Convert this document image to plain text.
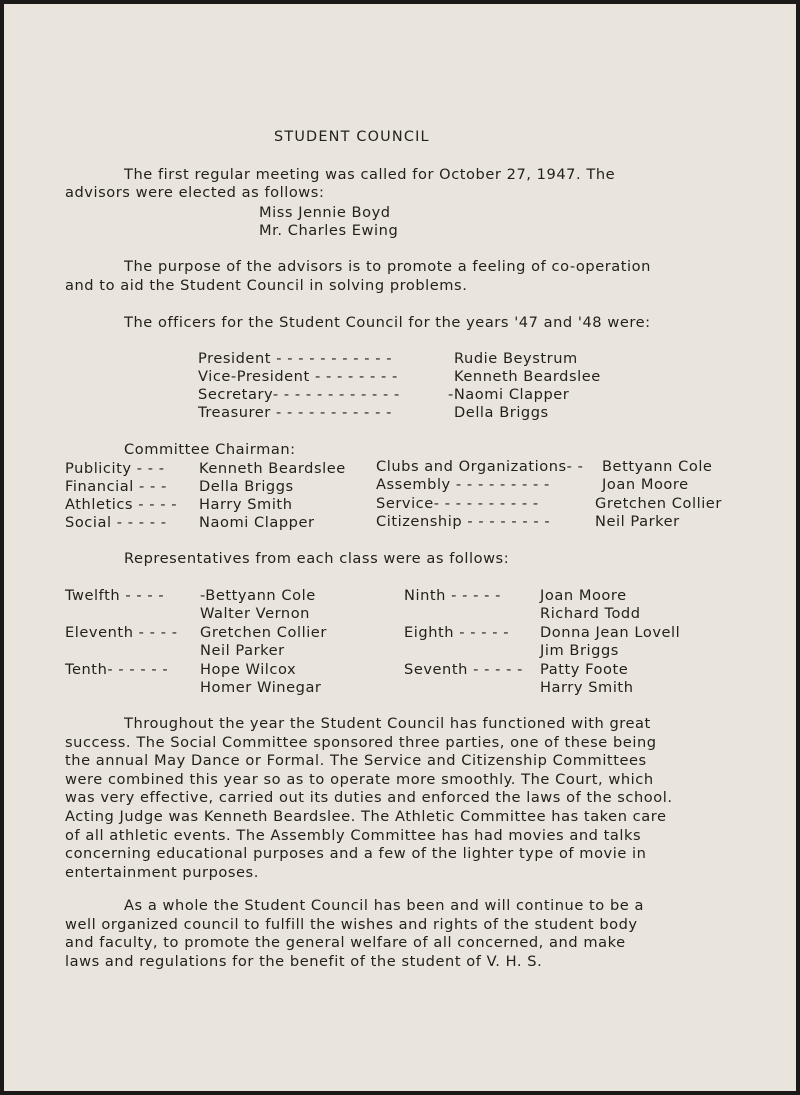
STUDENT COUNCIL
The first regular meeting was called for October 27, 1947. The
advisors were elected as follows:
Miss Jennie Boyd
Mr. Charles Ewing
The purpose of the advisors is to promote a feeling of co-operation
and to aid the Student Council in solving problems.
The officers for the Student Council for the years '47 and '48 were:
President - - - - - - - - - - -	Rudie Beystrum
Vice-President - - - - - - - -	Kenneth Beardslee
Secretary- - - - - - - - - - - -	-Naomi Clapper
Treasurer - - - - - - - - - - -	Della Briggs
Committee Chairman:
Publicity - - - Kenneth Beardslee
Financial - - - Della Briggs
Athletics - - - - Harry Smith
Social - - - - - Naomi Clapper
Clubs and Organizations- - Bettyann Cole
Assembly - - - - - - - - -	Joan Moore
Service- - - - - - - - - -	Gretchen Collier
Citizenship - - - - - - - -	Neil Parker
Representatives from each class were as follows:
Twelfth - - - - -Bettyann Cole
Walter Vernon
Eleventh - - - - Gretchen Collier
Neil Parker
Tenth- - - - - - Hope Wilcox
Homer Winegar
Ninth - - - - -	Joan Moore
Richard Todd
Eighth - - - - - Donna Jean Lovell
Jim Briggs
Seventh - - - - - Patty Foote
Harry Smith

Throughout the year the Student Council has functioned with great

success. The Social Committee sponsored three parties, one of these being

the annual May Dance or Formal. The Service and Citizenship Committees

were combined this year so as to operate more smoothly. The Court, which

was very effective, carried out its duties and enforced the laws of the school.

Acting Judge was Kenneth Beardslee. The Athletic Committee has taken care

of all athletic events. The Assembly Committee has had movies and talks

concerning educational purposes and a few of the lighter type of movie in

entertainment purposes.

As a whole the Student Council has been and will continue to be a

well organized council to fulfill the wishes and rights of the student body

and faculty, to promote the general welfare of all concerned, and make

laws and regulations for the benefit of the student of V. H. S.
